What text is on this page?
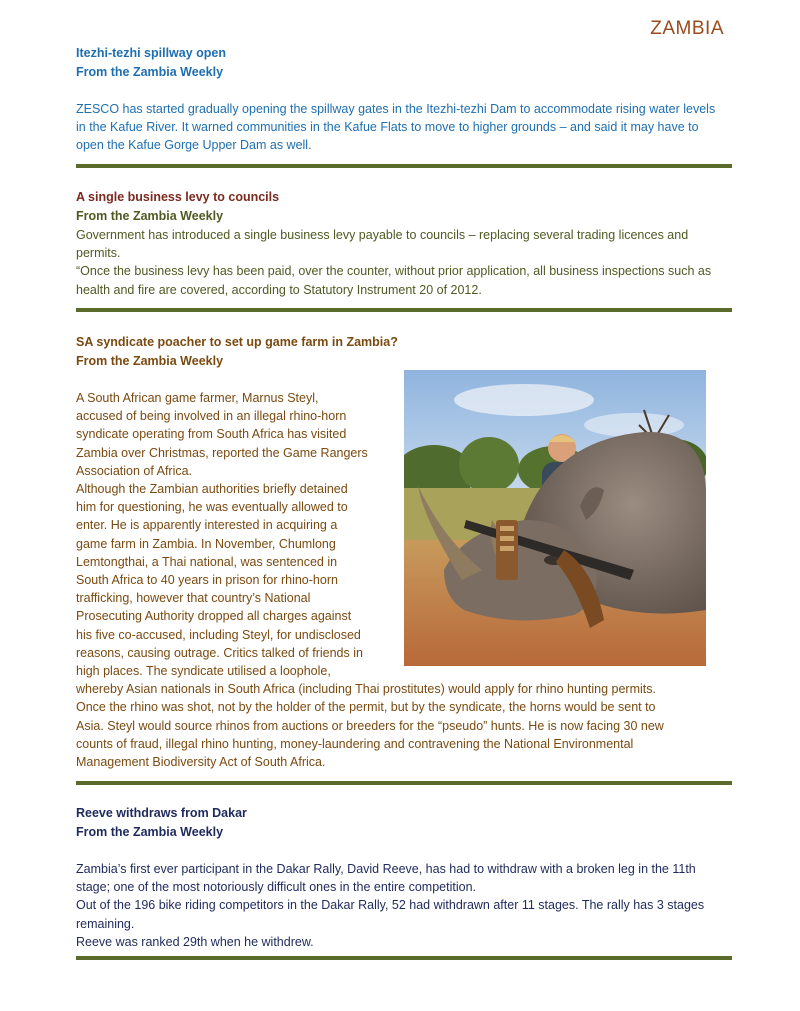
ZAMBIA
Itezhi-tezhi spillway open
From the Zambia Weekly

ZESCO has started gradually opening the spillway gates in the Itezhi-tezhi Dam to accommodate rising water levels in the Kafue River. It warned communities in the Kafue Flats to move to higher grounds – and said it may have to open the Kafue Gorge Upper Dam as well.

A single business levy to councils
From the Zambia Weekly

Government has introduced a single business levy payable to councils – replacing several trading licences and permits.

“Once the business levy has been paid, over the counter, without prior application, all business inspections such as health and fire are covered, according to Statutory Instrument 20 of 2012.

SA syndicate poacher to set up game farm in Zambia?
From the Zambia Weekly
A South African game farmer, Marnus Steyl,
accused of being involved in an illegal rhino-horn
syndicate operating from South Africa has visited
Zambia over Christmas, reported the Game Rangers
Association of Africa.
Although the Zambian authorities briefly detained
him for questioning, he was eventually allowed to
enter. He is apparently interested in acquiring a
game farm in Zambia. In November, Chumlong
Lemtongthai, a Thai national, was sentenced in
South Africa to 40 years in prison for rhino-horn
trafficking, however that country’s National
Prosecuting Authority dropped all charges against
his five co-accused, including Steyl, for undisclosed
reasons, causing outrage. Critics talked of friends in
high places. The syndicate utilised a loophole,
whereby Asian nationals in South Africa (including Thai prostitutes) would apply for rhino hunting permits.
Once the rhino was shot, not by the holder of the permit, but by the syndicate, the horns would be sent to
Asia. Steyl would source rhinos from auctions or breeders for the “pseudo” hunts. He is now facing 30 new
counts of fraud, illegal rhino hunting, money-laundering and contravening the National Environmental
Management Biodiversity Act of South Africa.
Reeve withdraws from Dakar
From the Zambia Weekly

Zambia’s first ever participant in the Dakar Rally, David Reeve, has had to withdraw with a broken leg in the 11th stage; one of the most notoriously difficult ones in the entire competition.

Out of the 196 bike riding competitors in the Dakar Rally, 52 had withdrawn after 11 stages. The rally has 3 stages remaining.

Reeve was ranked 29th when he withdrew.
